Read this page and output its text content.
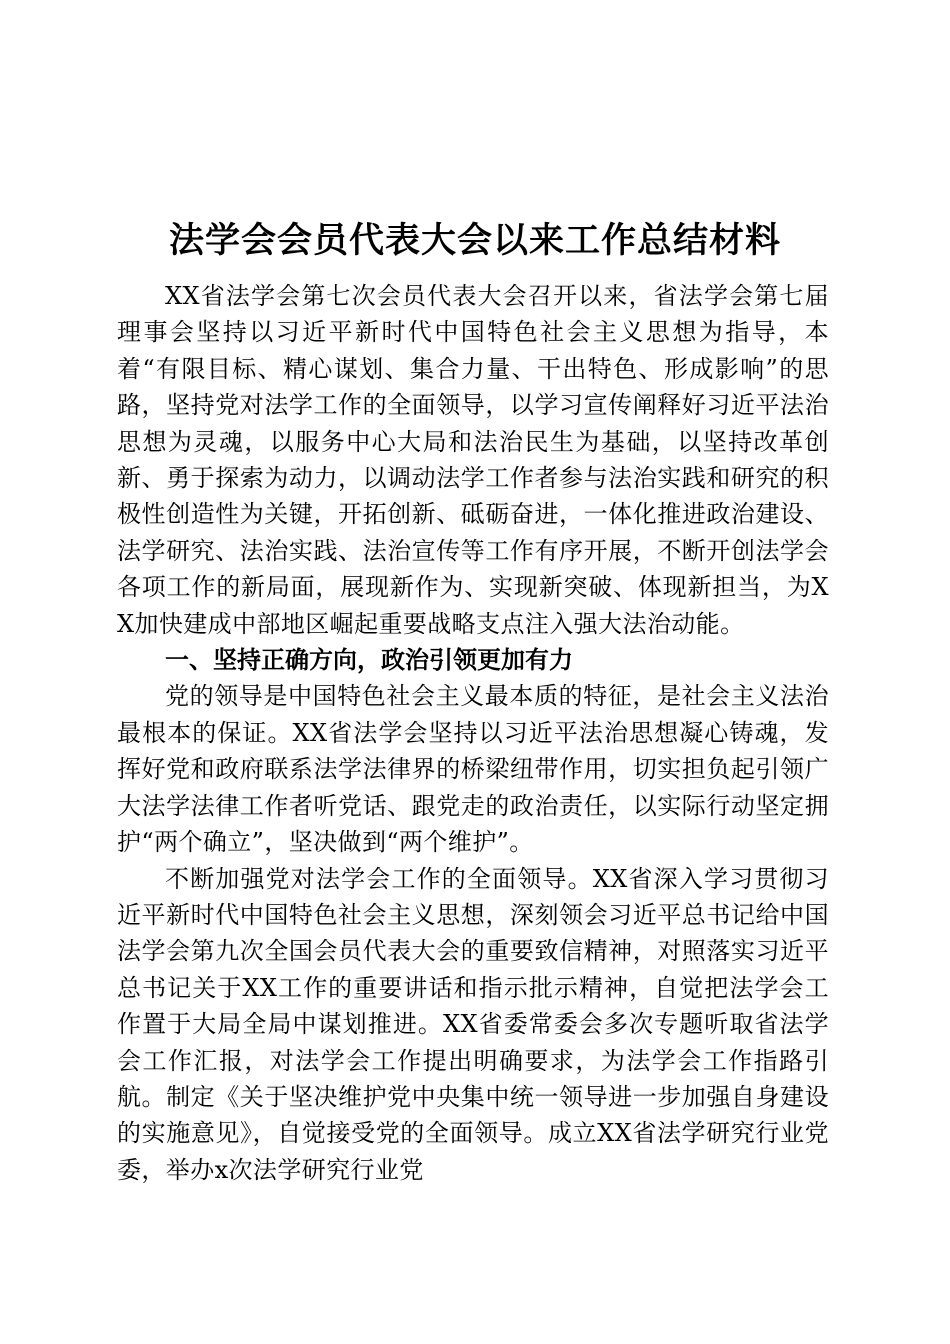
法学会会员代表大会以来工作总结材料

XX省法学会第七次会员代表大会召开以来，省法学会第七届理事会坚持以习近平新时代中国特色社会主义思想为指导，本着“有限目标、精心谋划、集合力量、干出特色、形成影响”的思路，坚持党对法学工作的全面领导，以学习宣传阐释好习近平法治思想为灵魂，以服务中心大局和法治民生为基础，以坚持改革创新、勇于探索为动力，以调动法学工作者参与法治实践和研究的积极性创造性为关键，开拓创新、砥砺奋进，一体化推进政治建设、法学研究、法治实践、法治宣传等工作有序开展，不断开创法学会各项工作的新局面，展现新作为、实现新突破、体现新担当，为XX加快建成中部地区崛起重要战略支点注入强大法治动能。

一、坚持正确方向，政治引领更加有力

党的领导是中国特色社会主义最本质的特征，是社会主义法治最根本的保证。XX省法学会坚持以习近平法治思想凝心铸魂，发挥好党和政府联系法学法律界的桥梁纽带作用，切实担负起引领广大法学法律工作者听党话、跟党走的政治责任，以实际行动坚定拥护“两个确立”，坚决做到“两个维护”。

不断加强党对法学会工作的全面领导。XX省深入学习贯彻习近平新时代中国特色社会主义思想，深刻领会习近平总书记给中国法学会第九次全国会员代表大会的重要致信精神，对照落实习近平总书记关于XX工作的重要讲话和指示批示精神，自觉把法学会工作置于大局全局中谋划推进。XX省委常委会多次专题听取省法学会工作汇报，对法学会工作提出明确要求，为法学会工作指路引航。制定《关于坚决维护党中央集中统一领导进一步加强自身建设的实施意见》，自觉接受党的全面领导。成立XX省法学研究行业党委，举办x次法学研究行业党
